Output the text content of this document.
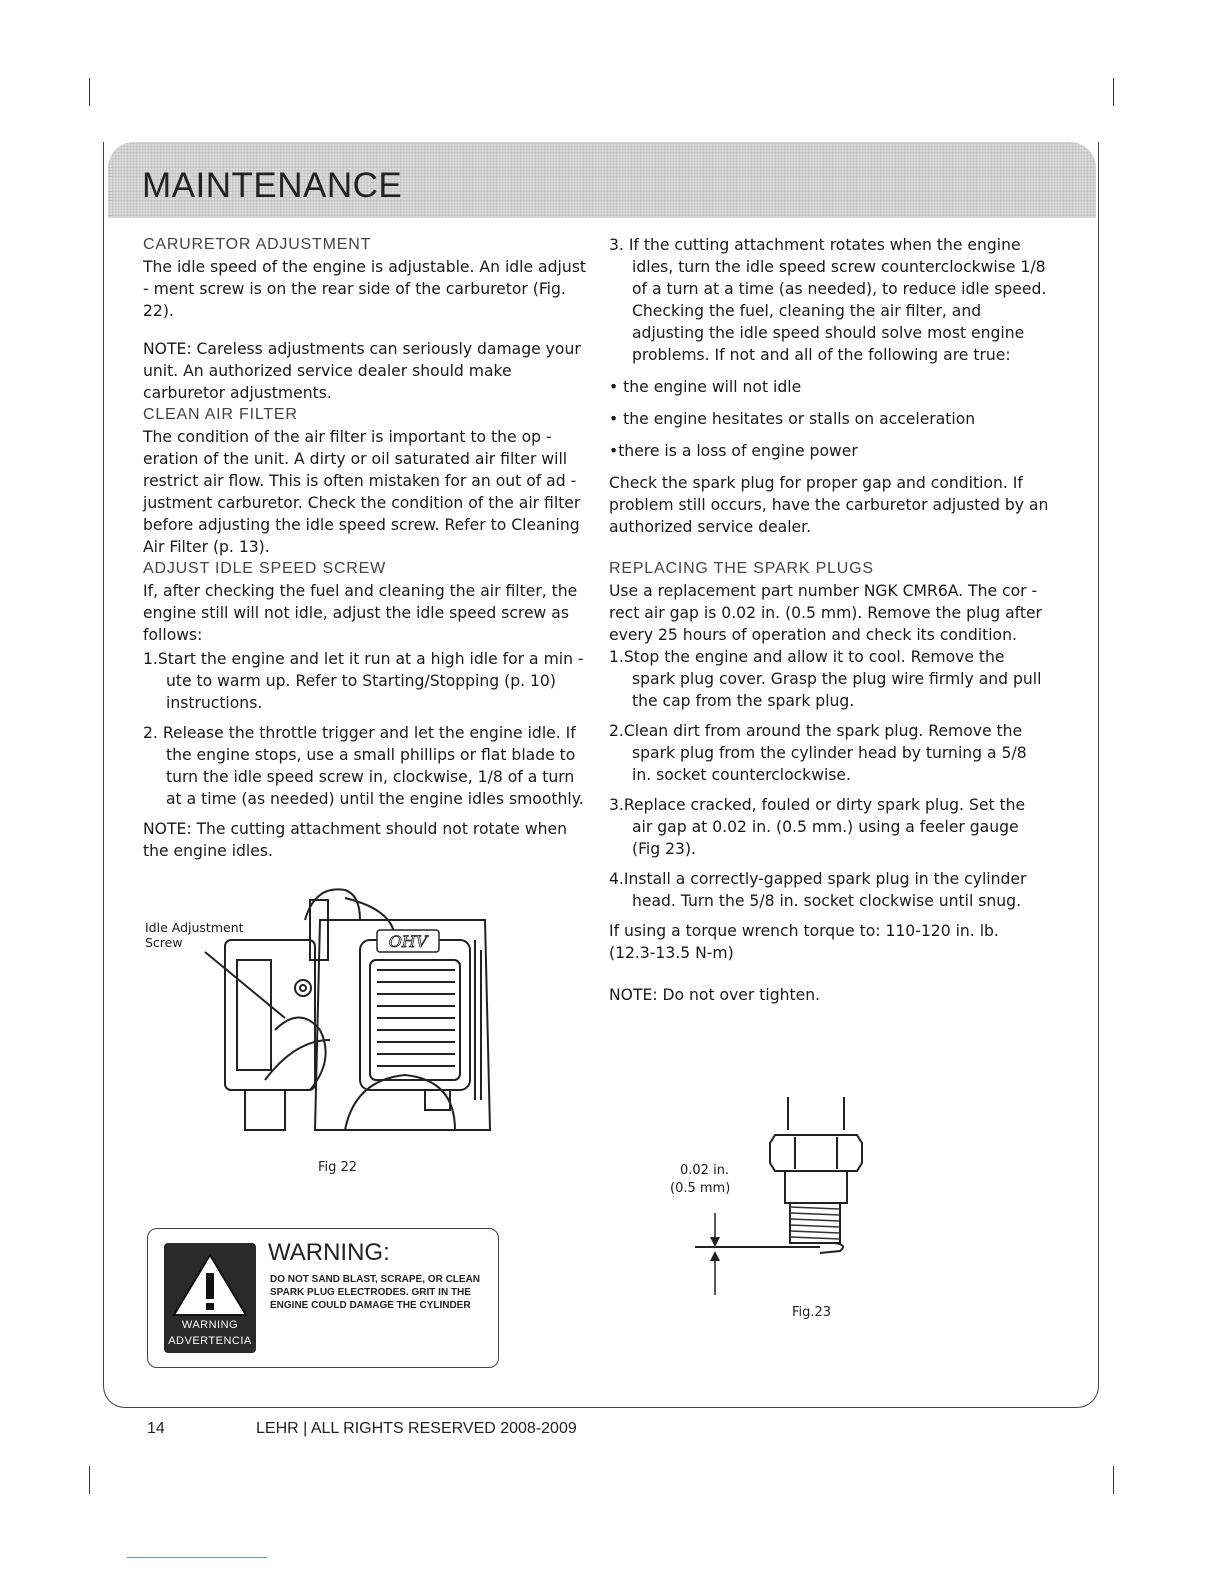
MAINTENANCE

CARURETOR ADJUSTMENT

The idle speed of the engine is adjustable. An idle adjust - ment screw is on the rear side of the carburetor (Fig. 22).

NOTE: Careless adjustments can seriously damage your unit. An authorized service dealer should make carburetor adjustments.

CLEAN AIR FILTER

The condition of the air filter is important to the op - eration of the unit. A dirty or oil saturated air filter will restrict air flow. This is often mistaken for an out of ad - justment carburetor. Check the condition of the air filter before adjusting the idle speed screw. Refer to Cleaning Air Filter (p. 13).

ADJUST IDLE SPEED SCREW

If, after checking the fuel and cleaning the air filter, the engine still will not idle, adjust the idle speed screw as follows:

1.Start the engine and let it run at a high idle for a min - ute to warm up. Refer to Starting/Stopping (p. 10) instructions.

2. Release the throttle trigger and let the engine idle. If the engine stops, use a small phillips or flat blade to turn the idle speed screw in, clockwise, 1/8 of a turn at a time (as needed) until the engine idles smoothly.

NOTE: The cutting attachment should not rotate when the engine idles.

Idle Adjustment Screw	OHV
Fig 22
WARNING
ADVERTENCIA
WARNING:
DO NOT SAND BLAST, SCRAPE, OR CLEAN SPARK PLUG ELECTRODES. GRIT IN THE ENGINE COULD DAMAGE THE CYLINDER

3. If the cutting attachment rotates when the engine idles, turn the idle speed screw counterclockwise 1/8 of a turn at a time (as needed), to reduce idle speed. Checking the fuel, cleaning the air filter, and adjusting the idle speed should solve most engine problems. If not and all of the following are true:

• the engine will not idle

• the engine hesitates or stalls on acceleration

•there is a loss of engine power

Check the spark plug for proper gap and condition. If problem still occurs, have the carburetor adjusted by an authorized service dealer.

REPLACING THE SPARK PLUGS

Use a replacement part number NGK CMR6A. The cor - rect air gap is 0.02 in. (0.5 mm). Remove the plug after every 25 hours of operation and check its condition.

1.Stop the engine and allow it to cool. Remove the spark plug cover. Grasp the plug wire firmly and pull the cap from the spark plug.

2.Clean dirt from around the spark plug. Remove the spark plug from the cylinder head by turning a 5/8 in. socket counterclockwise.

3.Replace cracked, fouled or dirty spark plug. Set the air gap at 0.02 in. (0.5 mm.) using a feeler gauge (Fig 23).

4.Install a correctly-gapped spark plug in the cylinder head. Turn the 5/8 in. socket clockwise until snug.

If using a torque wrench torque to: 110-120 in. lb. (12.3-13.5 N-m)

NOTE: Do not over tighten.

0.02 in.
(0.5 mm)
Fig.23
14	LEHR | ALL RIGHTS RESERVED 2008-2009
